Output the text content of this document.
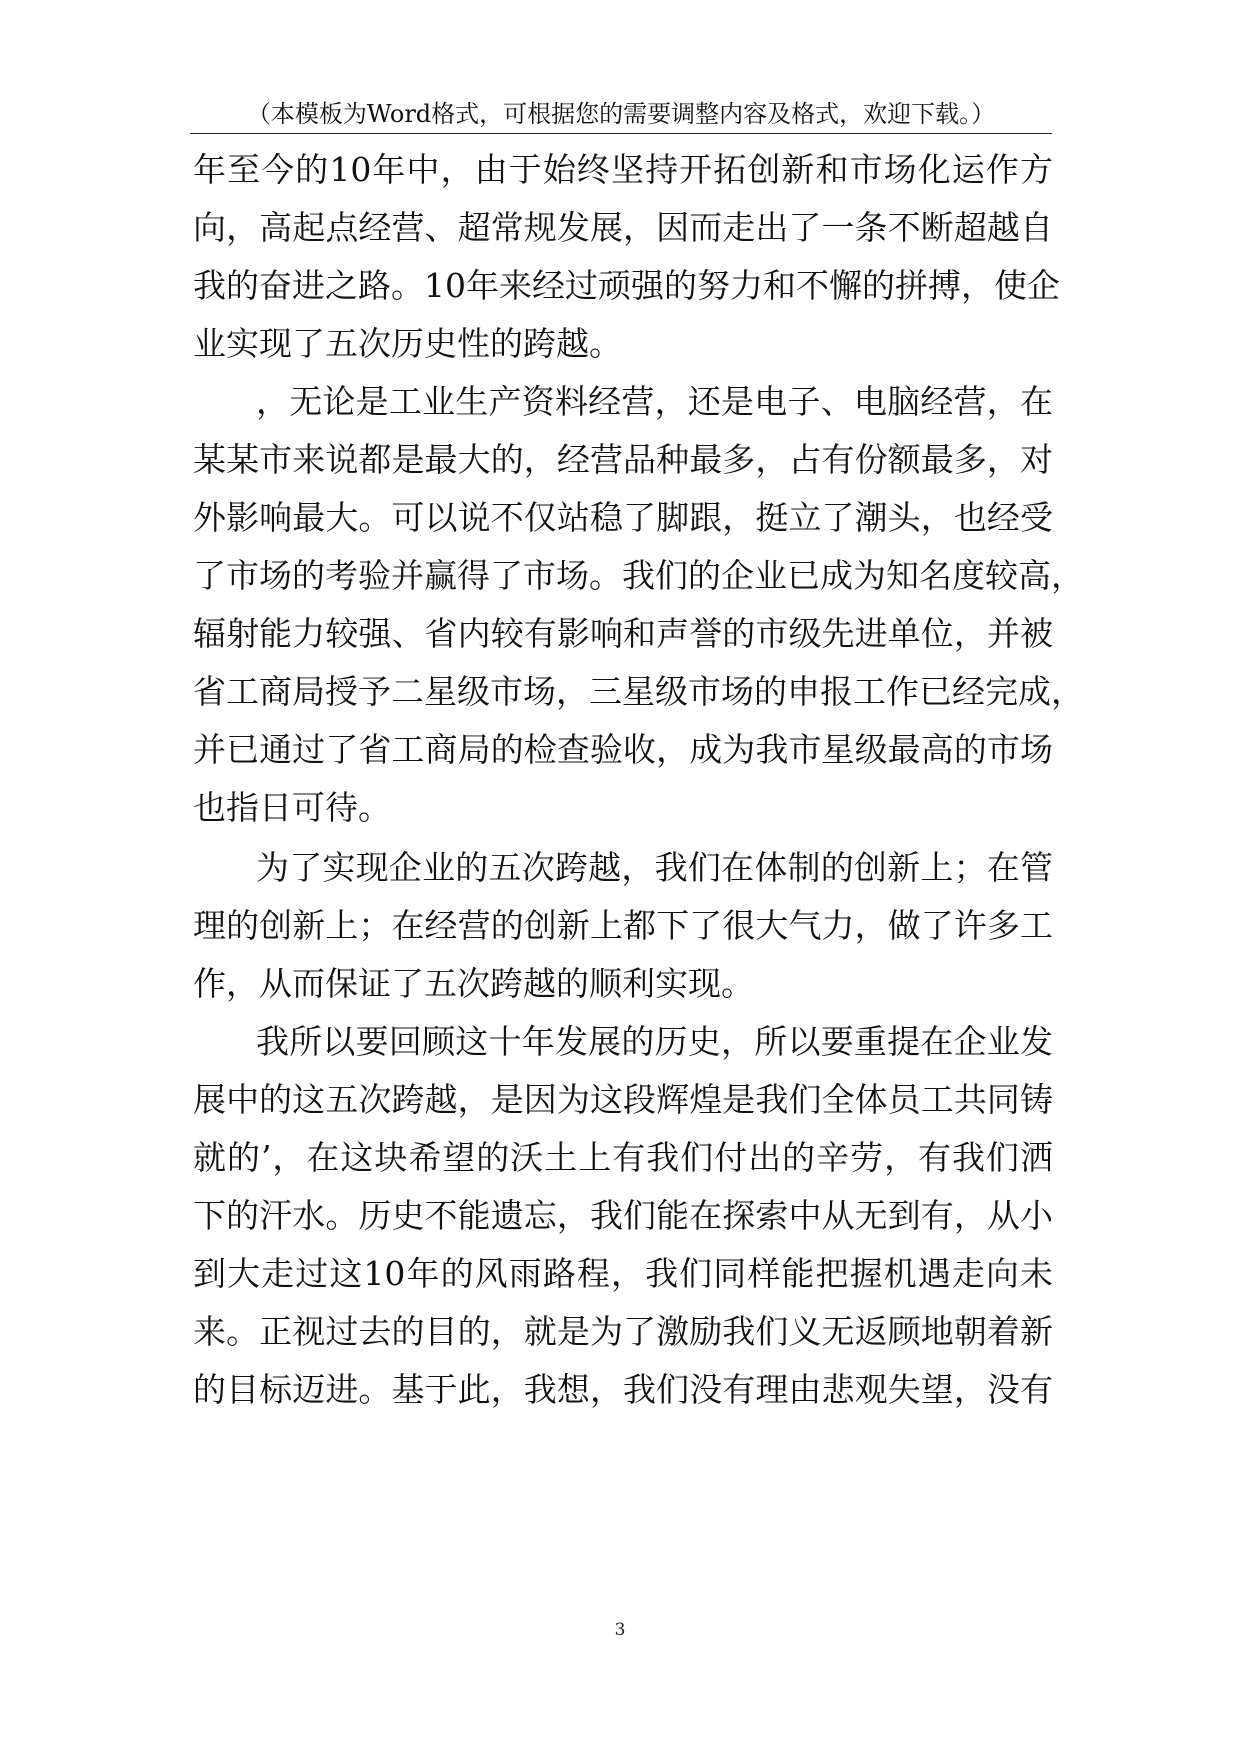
（本模板为Word格式，可根据您的需要调整内容及格式，欢迎下载。）
年至今的10年中，由于始终坚持开拓创新和市场化运作方
向，高起点经营、超常规发展，因而走出了一条不断超越自
我的奋进之路。10年来经过顽强的努力和不懈的拼搏，使企
业实现了五次历史性的跨越。
，无论是工业生产资料经营，还是电子、电脑经营，在
某某市来说都是最大的，经营品种最多，占有份额最多，对
外影响最大。可以说不仅站稳了脚跟，挺立了潮头，也经受
了市场的考验并赢得了市场。我们的企业已成为知名度较高，
辐射能力较强、省内较有影响和声誉的市级先进单位，并被
省工商局授予二星级市场，三星级市场的申报工作已经完成，
并已通过了省工商局的检查验收，成为我市星级最高的市场
也指日可待。
为了实现企业的五次跨越，我们在体制的创新上；在管
理的创新上；在经营的创新上都下了很大气力，做了许多工
作，从而保证了五次跨越的顺利实现。
我所以要回顾这十年发展的历史，所以要重提在企业发
展中的这五次跨越，是因为这段辉煌是我们全体员工共同铸
就的’，在这块希望的沃土上有我们付出的辛劳，有我们洒
下的汗水。历史不能遗忘，我们能在探索中从无到有，从小
到大走过这10年的风雨路程，我们同样能把握机遇走向未
来。正视过去的目的，就是为了激励我们义无返顾地朝着新
的目标迈进。基于此，我想，我们没有理由悲观失望，没有
3
